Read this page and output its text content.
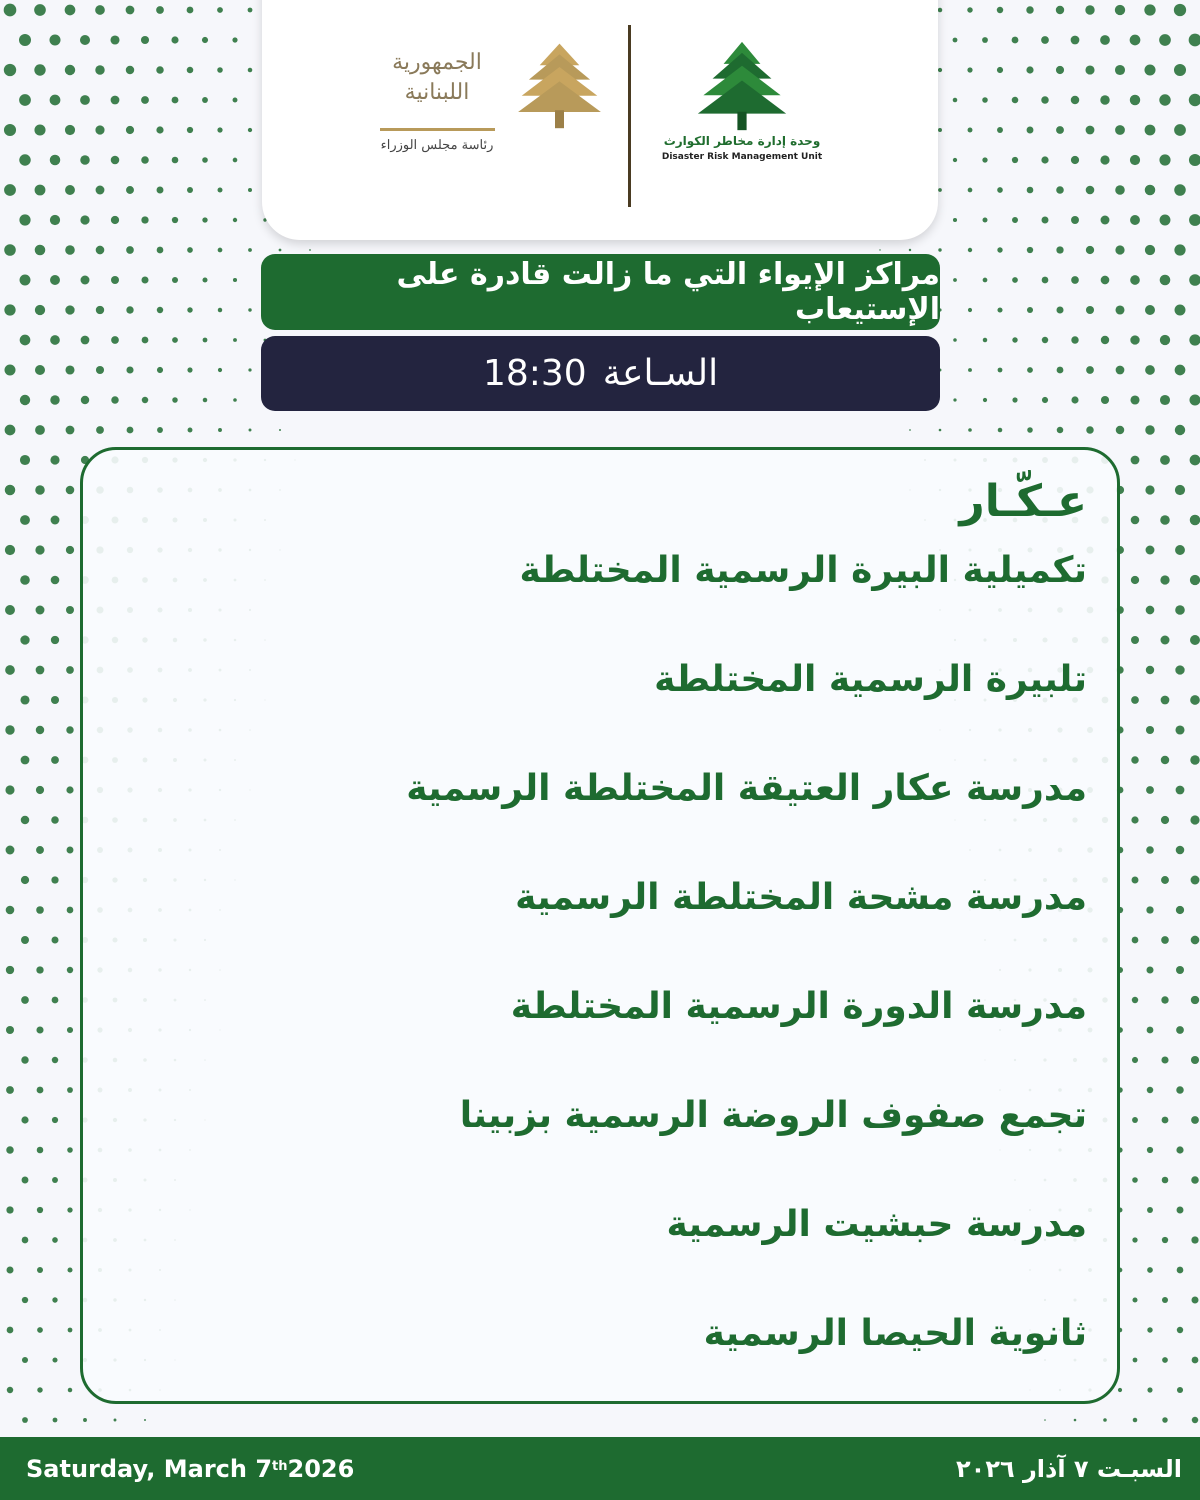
الجمهورية
اللبنانية
رئاسة مجلس الوزراء	وحدة إدارة مخاطر الكوارث
Disaster Risk Management Unit
مراكز الإيواء التي ما زالت قادرة على الإستيعاب
السـاعة
18:30
عـكّـار
تكميلية البيرة الرسمية المختلطة
تلبيرة الرسمية المختلطة
مدرسة عكار العتيقة المختلطة الرسمية
مدرسة مشحة المختلطة الرسمية
مدرسة الدورة الرسمية المختلطة
تجمع صفوف الروضة الرسمية بزبينا
مدرسة حبشيت الرسمية
ثانوية الحيصا الرسمية
Saturday, March 7th 2026	السبـت ٧ آذار ٢٠٢٦
